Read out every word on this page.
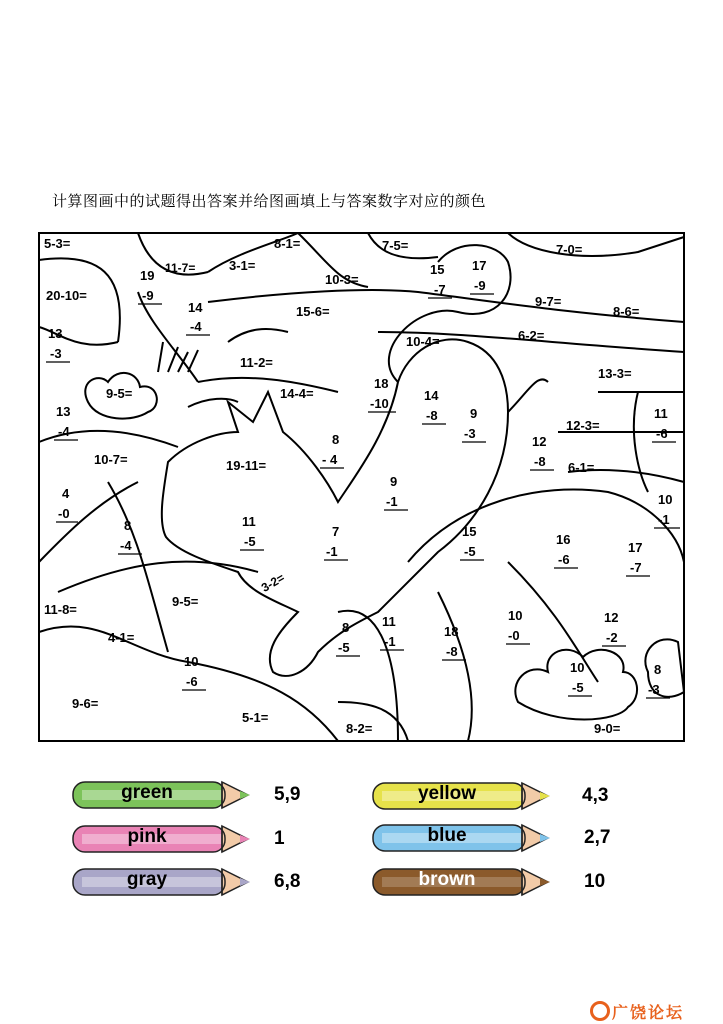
计算图画中的试题得出答案并给图画填上与答案数字对应的颜色
5-3=	8-1=	7-5=	7-0=
11-7=	3-1=
20-10=
10-3=
9-7=
8-6=
15-6=
6-2=
10-4=
11-2=
13-3=
9-5=	14-4=
12-3=
10-7=	19-11=	6-1=
11-8=
9-5=
4-1=
9-6=
5-1=
8-2=	9-0=
3-2=
19
-9
15
-7
17
-9
14
-4
13
-3
18
-10
14
-8 9
-3
11
-6
13
-4
8
- 4
12
-8
4
-0
9
-1	10
-1
8
-4
11
-5
7
-1
15
-5
16
-6
17
-7
10
-0
12
-2
8
-5
11
-1
18
-8
10
-6
10
-5
8
-3
green	5,9	yellow	4,3
pink	1	blue	2,7
gray	6,8	brown	10
广饶论坛
